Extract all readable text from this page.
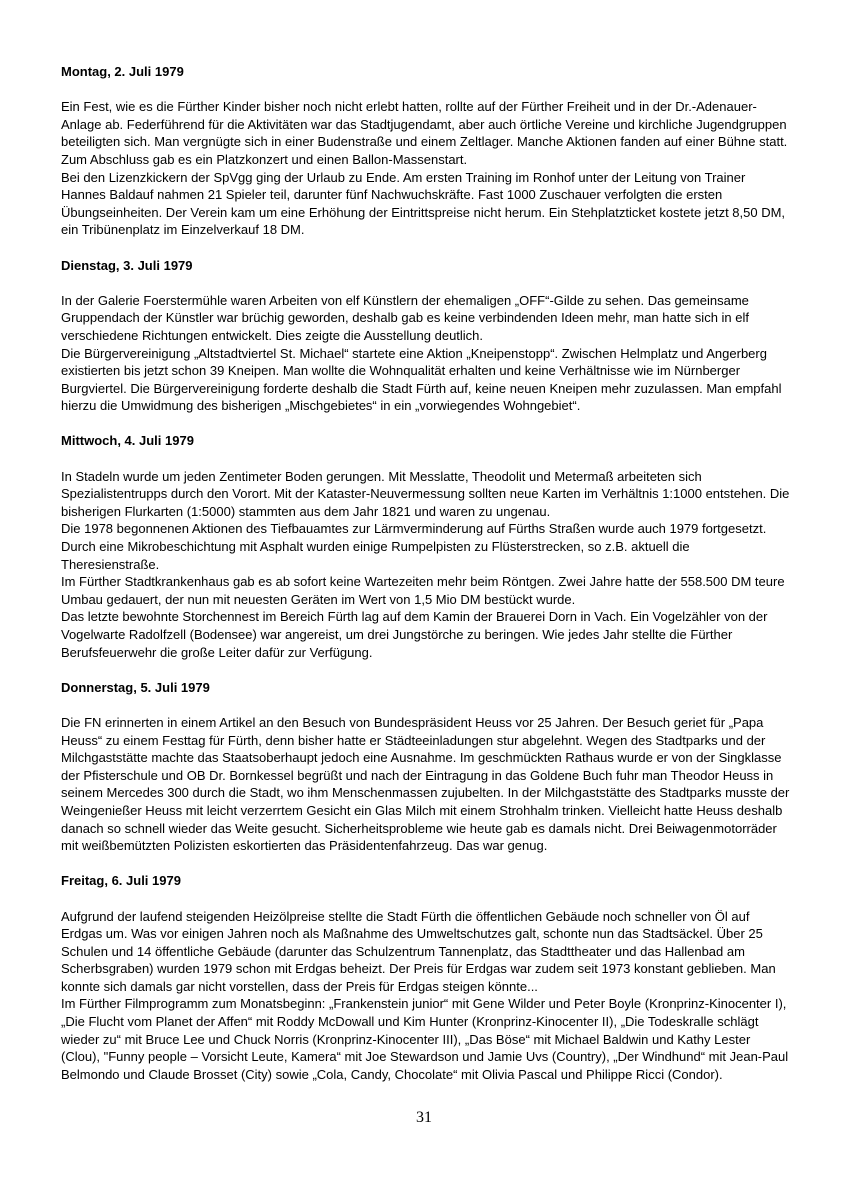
Montag, 2. Juli 1979

Ein Fest, wie es die Fürther Kinder bisher noch nicht erlebt hatten, rollte auf der Fürther Freiheit und in der Dr.-Adenauer-Anlage ab. Federführend für die Aktivitäten war das Stadtjugendamt, aber auch örtliche Vereine und kirchliche Jugendgruppen beteiligten sich. Man vergnügte sich in einer Budenstraße und einem Zeltlager. Manche Aktionen fanden auf einer Bühne statt. Zum Abschluss gab es ein Platzkonzert und einen Ballon-Massenstart.

Bei den Lizenzkickern der SpVgg ging der Urlaub zu Ende. Am ersten Training im Ronhof unter der Leitung von Trainer Hannes Baldauf nahmen 21 Spieler teil, darunter fünf Nachwuchskräfte. Fast 1000 Zuschauer verfolgten die ersten Übungseinheiten. Der Verein kam um eine Erhöhung der Eintrittspreise nicht herum. Ein Stehplatzticket kostete jetzt 8,50 DM, ein Tribünenplatz im Einzelverkauf 18 DM.

Dienstag, 3. Juli 1979

In der Galerie Foerstermühle waren Arbeiten von elf Künstlern der ehemaligen „OFF“-Gilde zu sehen. Das gemeinsame Gruppendach der Künstler war brüchig geworden, deshalb gab es keine verbindenden Ideen mehr, man hatte sich in elf verschiedene Richtungen entwickelt. Dies zeigte die Ausstellung deutlich.

Die Bürgervereinigung „Altstadtviertel St. Michael“ startete eine Aktion „Kneipenstopp“. Zwischen Helmplatz und Angerberg existierten bis jetzt schon 39 Kneipen. Man wollte die Wohnqualität erhalten und keine Verhältnisse wie im Nürnberger Burgviertel. Die Bürgervereinigung forderte deshalb die Stadt Fürth auf, keine neuen Kneipen mehr zuzulassen. Man empfahl hierzu die Umwidmung des bisherigen „Mischgebietes“ in ein „vorwiegendes Wohngebiet“.

Mittwoch, 4. Juli 1979

In Stadeln wurde um jeden Zentimeter Boden gerungen. Mit Messlatte, Theodolit und Metermaß arbeiteten sich Spezialistentrupps durch den Vorort. Mit der Kataster-Neuvermessung sollten neue Karten im Verhältnis 1:1000 entstehen. Die bisherigen Flurkarten (1:5000) stammten aus dem Jahr 1821 und waren zu ungenau.

Die 1978 begonnenen Aktionen des Tiefbauamtes zur Lärmverminderung auf Fürths Straßen wurde auch 1979 fortgesetzt. Durch eine Mikrobeschichtung mit Asphalt wurden einige Rumpelpisten zu Flüsterstrecken, so z.B. aktuell die Theresienstraße.

Im Fürther Stadtkrankenhaus gab es ab sofort keine Wartezeiten mehr beim Röntgen. Zwei Jahre hatte der 558.500 DM teure Umbau gedauert, der nun mit neuesten Geräten im Wert von 1,5 Mio DM bestückt wurde.

Das letzte bewohnte Storchennest im Bereich Fürth lag auf dem Kamin der Brauerei Dorn in Vach. Ein Vogelzähler von der Vogelwarte Radolfzell (Bodensee) war angereist, um drei Jungstörche zu beringen. Wie jedes Jahr stellte die Fürther Berufsfeuerwehr die große Leiter dafür zur Verfügung.

Donnerstag, 5. Juli 1979

Die FN erinnerten in einem Artikel an den Besuch von Bundespräsident Heuss vor 25 Jahren. Der Besuch geriet für „Papa Heuss“ zu einem Festtag für Fürth, denn bisher hatte er Städteeinladungen stur abgelehnt. Wegen des Stadtparks und der Milchgaststätte machte das Staatsoberhaupt jedoch eine Ausnahme. Im geschmückten Rathaus wurde er von der Singklasse der Pfisterschule und OB Dr. Bornkessel begrüßt und nach der Eintragung in das Goldene Buch fuhr man Theodor Heuss in seinem Mercedes 300 durch die Stadt, wo ihm Menschenmassen zujubelten. In der Milchgaststätte des Stadtparks musste der Weingenießer Heuss mit leicht verzerrtem Gesicht ein Glas Milch mit einem Strohhalm trinken. Vielleicht hatte Heuss deshalb danach so schnell wieder das Weite gesucht. Sicherheitsprobleme wie heute gab es damals nicht. Drei Beiwagenmotorräder mit weißbemützten Polizisten eskortierten das Präsidentenfahrzeug. Das war genug.

Freitag, 6. Juli 1979

Aufgrund der laufend steigenden Heizölpreise stellte die Stadt Fürth die öffentlichen Gebäude noch schneller von Öl auf Erdgas um. Was vor einigen Jahren noch als Maßnahme des Umweltschutzes galt, schonte nun das Stadtsäckel. Über 25 Schulen und 14 öffentliche Gebäude (darunter das Schulzentrum Tannenplatz, das Stadttheater und das Hallenbad am Scherbsgraben) wurden 1979 schon mit Erdgas beheizt. Der Preis für Erdgas war zudem seit 1973 konstant geblieben. Man konnte sich damals gar nicht vorstellen, dass der Preis für Erdgas steigen könnte...

Im Fürther Filmprogramm zum Monatsbeginn: „Frankenstein junior“ mit Gene Wilder und Peter Boyle (Kronprinz-Kinocenter I), „Die Flucht vom Planet der Affen“ mit Roddy McDowall und Kim Hunter (Kronprinz-Kinocenter II), „Die Todeskralle schlägt wieder zu“ mit Bruce Lee und Chuck Norris (Kronprinz-Kinocenter III), „Das Böse“ mit Michael Baldwin und Kathy Lester (Clou), "Funny people – Vorsicht Leute, Kamera“ mit Joe Stewardson und Jamie Uvs (Country), „Der Windhund“ mit Jean-Paul Belmondo und Claude Brosset (City) sowie „Cola, Candy, Chocolate“ mit Olivia Pascal und Philippe Ricci (Condor).

31
